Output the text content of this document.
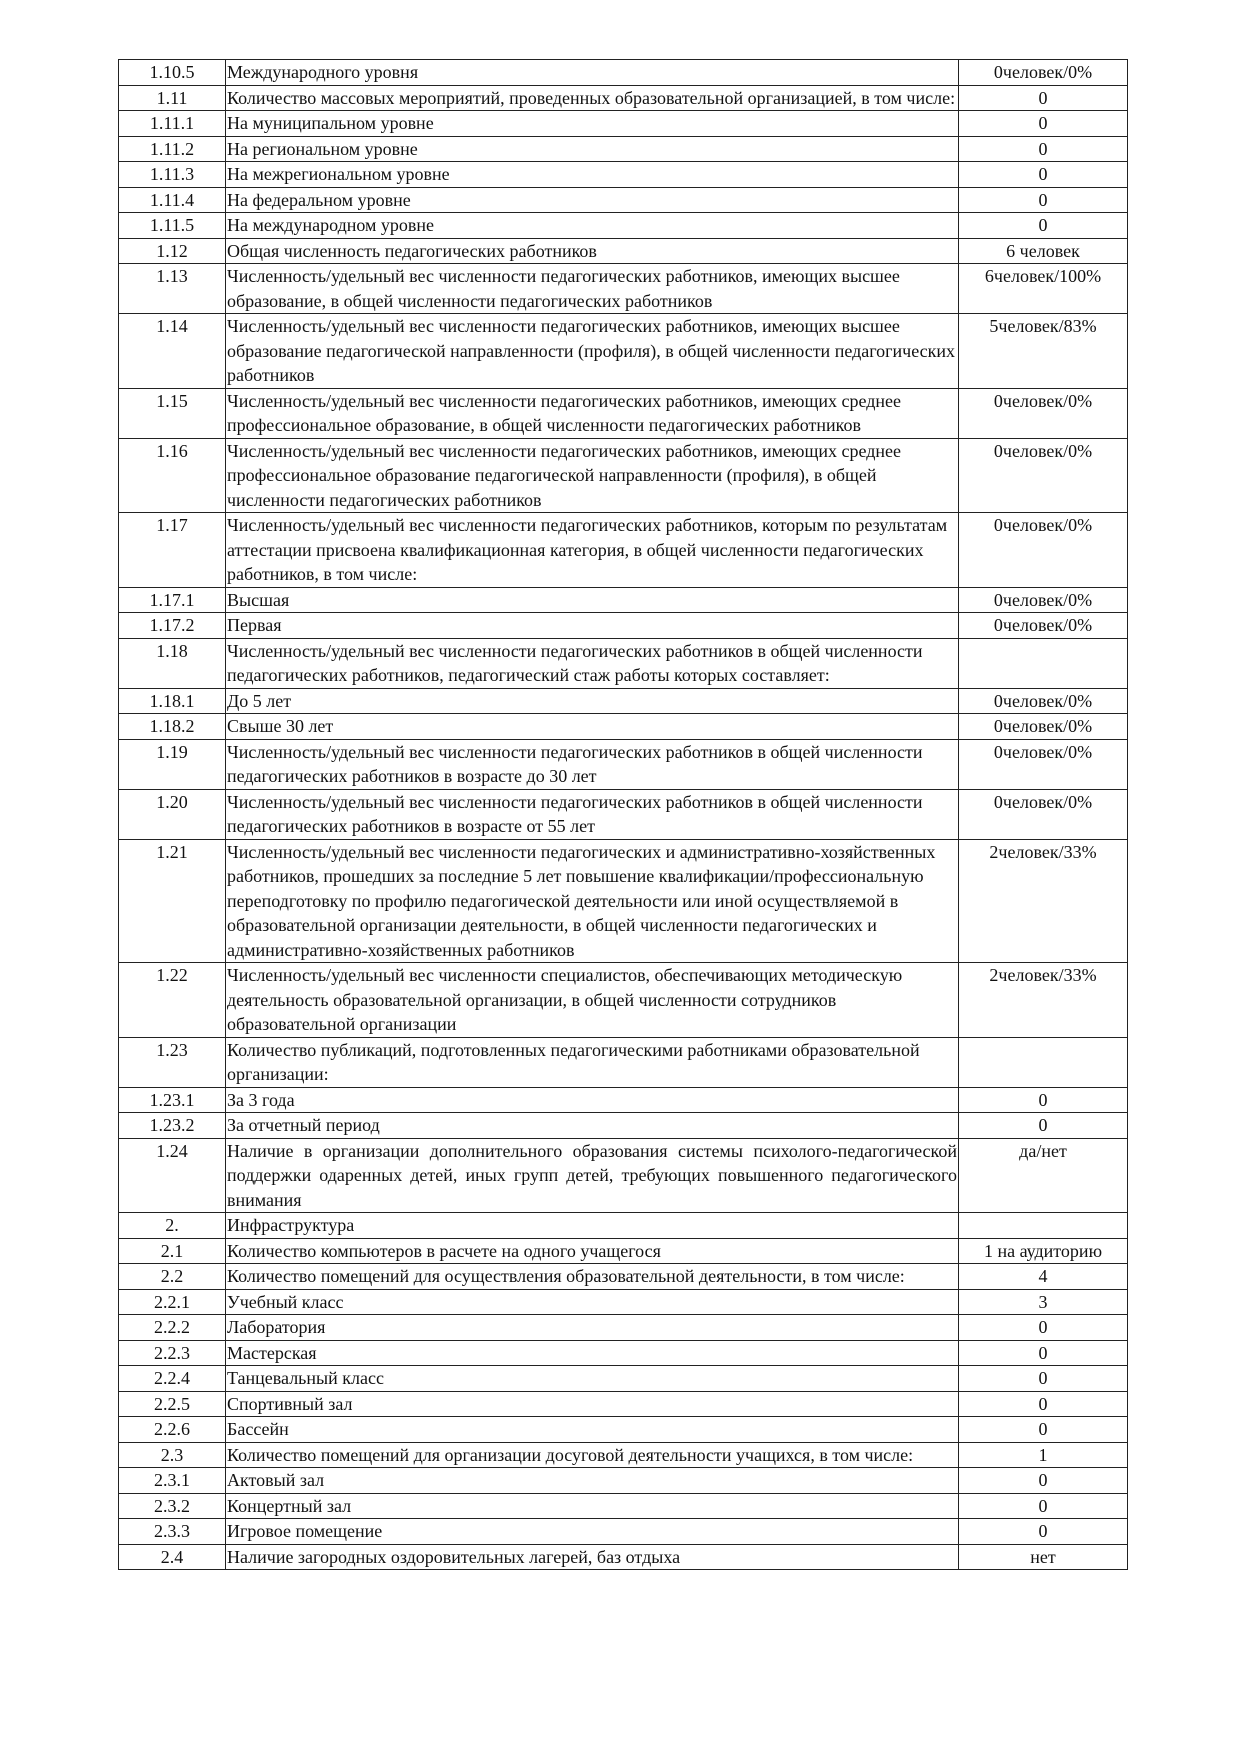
1.10.5	Международного уровня	0человек/0%
1.11	Количество массовых мероприятий, проведенных образовательной организацией, в том числе:	0
1.11.1	На муниципальном уровне	0
1.11.2	На региональном уровне	0
1.11.3	На межрегиональном уровне	0
1.11.4	На федеральном уровне	0
1.11.5	На международном уровне	0
1.12	Общая численность педагогических работников	6 человек
1.13	Численность/удельный вес численности педагогических работников, имеющих высшее образование, в общей численности педагогических работников	6человек/100%
1.14	Численность/удельный вес численности педагогических работников, имеющих высшее образование педагогической направленности (профиля), в общей численности педагогических работников	5человек/83%
1.15	Численность/удельный вес численности педагогических работников, имеющих среднее профессиональное образование, в общей численности педагогических работников	0человек/0%
1.16	Численность/удельный вес численности педагогических работников, имеющих среднее профессиональное образование педагогической направленности (профиля), в общей численности педагогических работников	0человек/0%
1.17	Численность/удельный вес численности педагогических работников, которым по результатам аттестации присвоена квалификационная категория, в общей численности педагогических работников, в том числе:	0человек/0%
1.17.1	Высшая	0человек/0%
1.17.2	Первая	0человек/0%
1.18	Численность/удельный вес численности педагогических работников в общей численности педагогических работников, педагогический стаж работы которых составляет:	
1.18.1	До 5 лет	0человек/0%
1.18.2	Свыше 30 лет	0человек/0%
1.19	Численность/удельный вес численности педагогических работников в общей численности педагогических работников в возрасте до 30 лет	0человек/0%
1.20	Численность/удельный вес численности педагогических работников в общей численности педагогических работников в возрасте от 55 лет	0человек/0%
1.21	Численность/удельный вес численности педагогических и административно-хозяйственных работников, прошедших за последние 5 лет повышение квалификации/профессиональную переподготовку по профилю педагогической деятельности или иной осуществляемой в образовательной организации деятельности, в общей численности педагогических и административно-хозяйственных работников	2человек/33%
1.22	Численность/удельный вес численности специалистов, обеспечивающих методическую деятельность образовательной организации, в общей численности сотрудников образовательной организации	2человек/33%
1.23	Количество публикаций, подготовленных педагогическими работниками образовательной организации:	
1.23.1	За 3 года	0
1.23.2	За отчетный период	0
1.24	Наличие в организации дополнительного образования системы психолого-педагогической поддержки одаренных детей, иных групп детей, требующих повышенного педагогического внимания	да/нет
2.	Инфраструктура	
2.1	Количество компьютеров в расчете на одного учащегося	1 на аудиторию
2.2	Количество помещений для осуществления образовательной деятельности, в том числе:	4
2.2.1	Учебный класс	3
2.2.2	Лаборатория	0
2.2.3	Мастерская	0
2.2.4	Танцевальный класс	0
2.2.5	Спортивный зал	0
2.2.6	Бассейн	0
2.3	Количество помещений для организации досуговой деятельности учащихся, в том числе:	1
2.3.1	Актовый зал	0
2.3.2	Концертный зал	0
2.3.3	Игровое помещение	0
2.4	Наличие загородных оздоровительных лагерей, баз отдыха	нет
